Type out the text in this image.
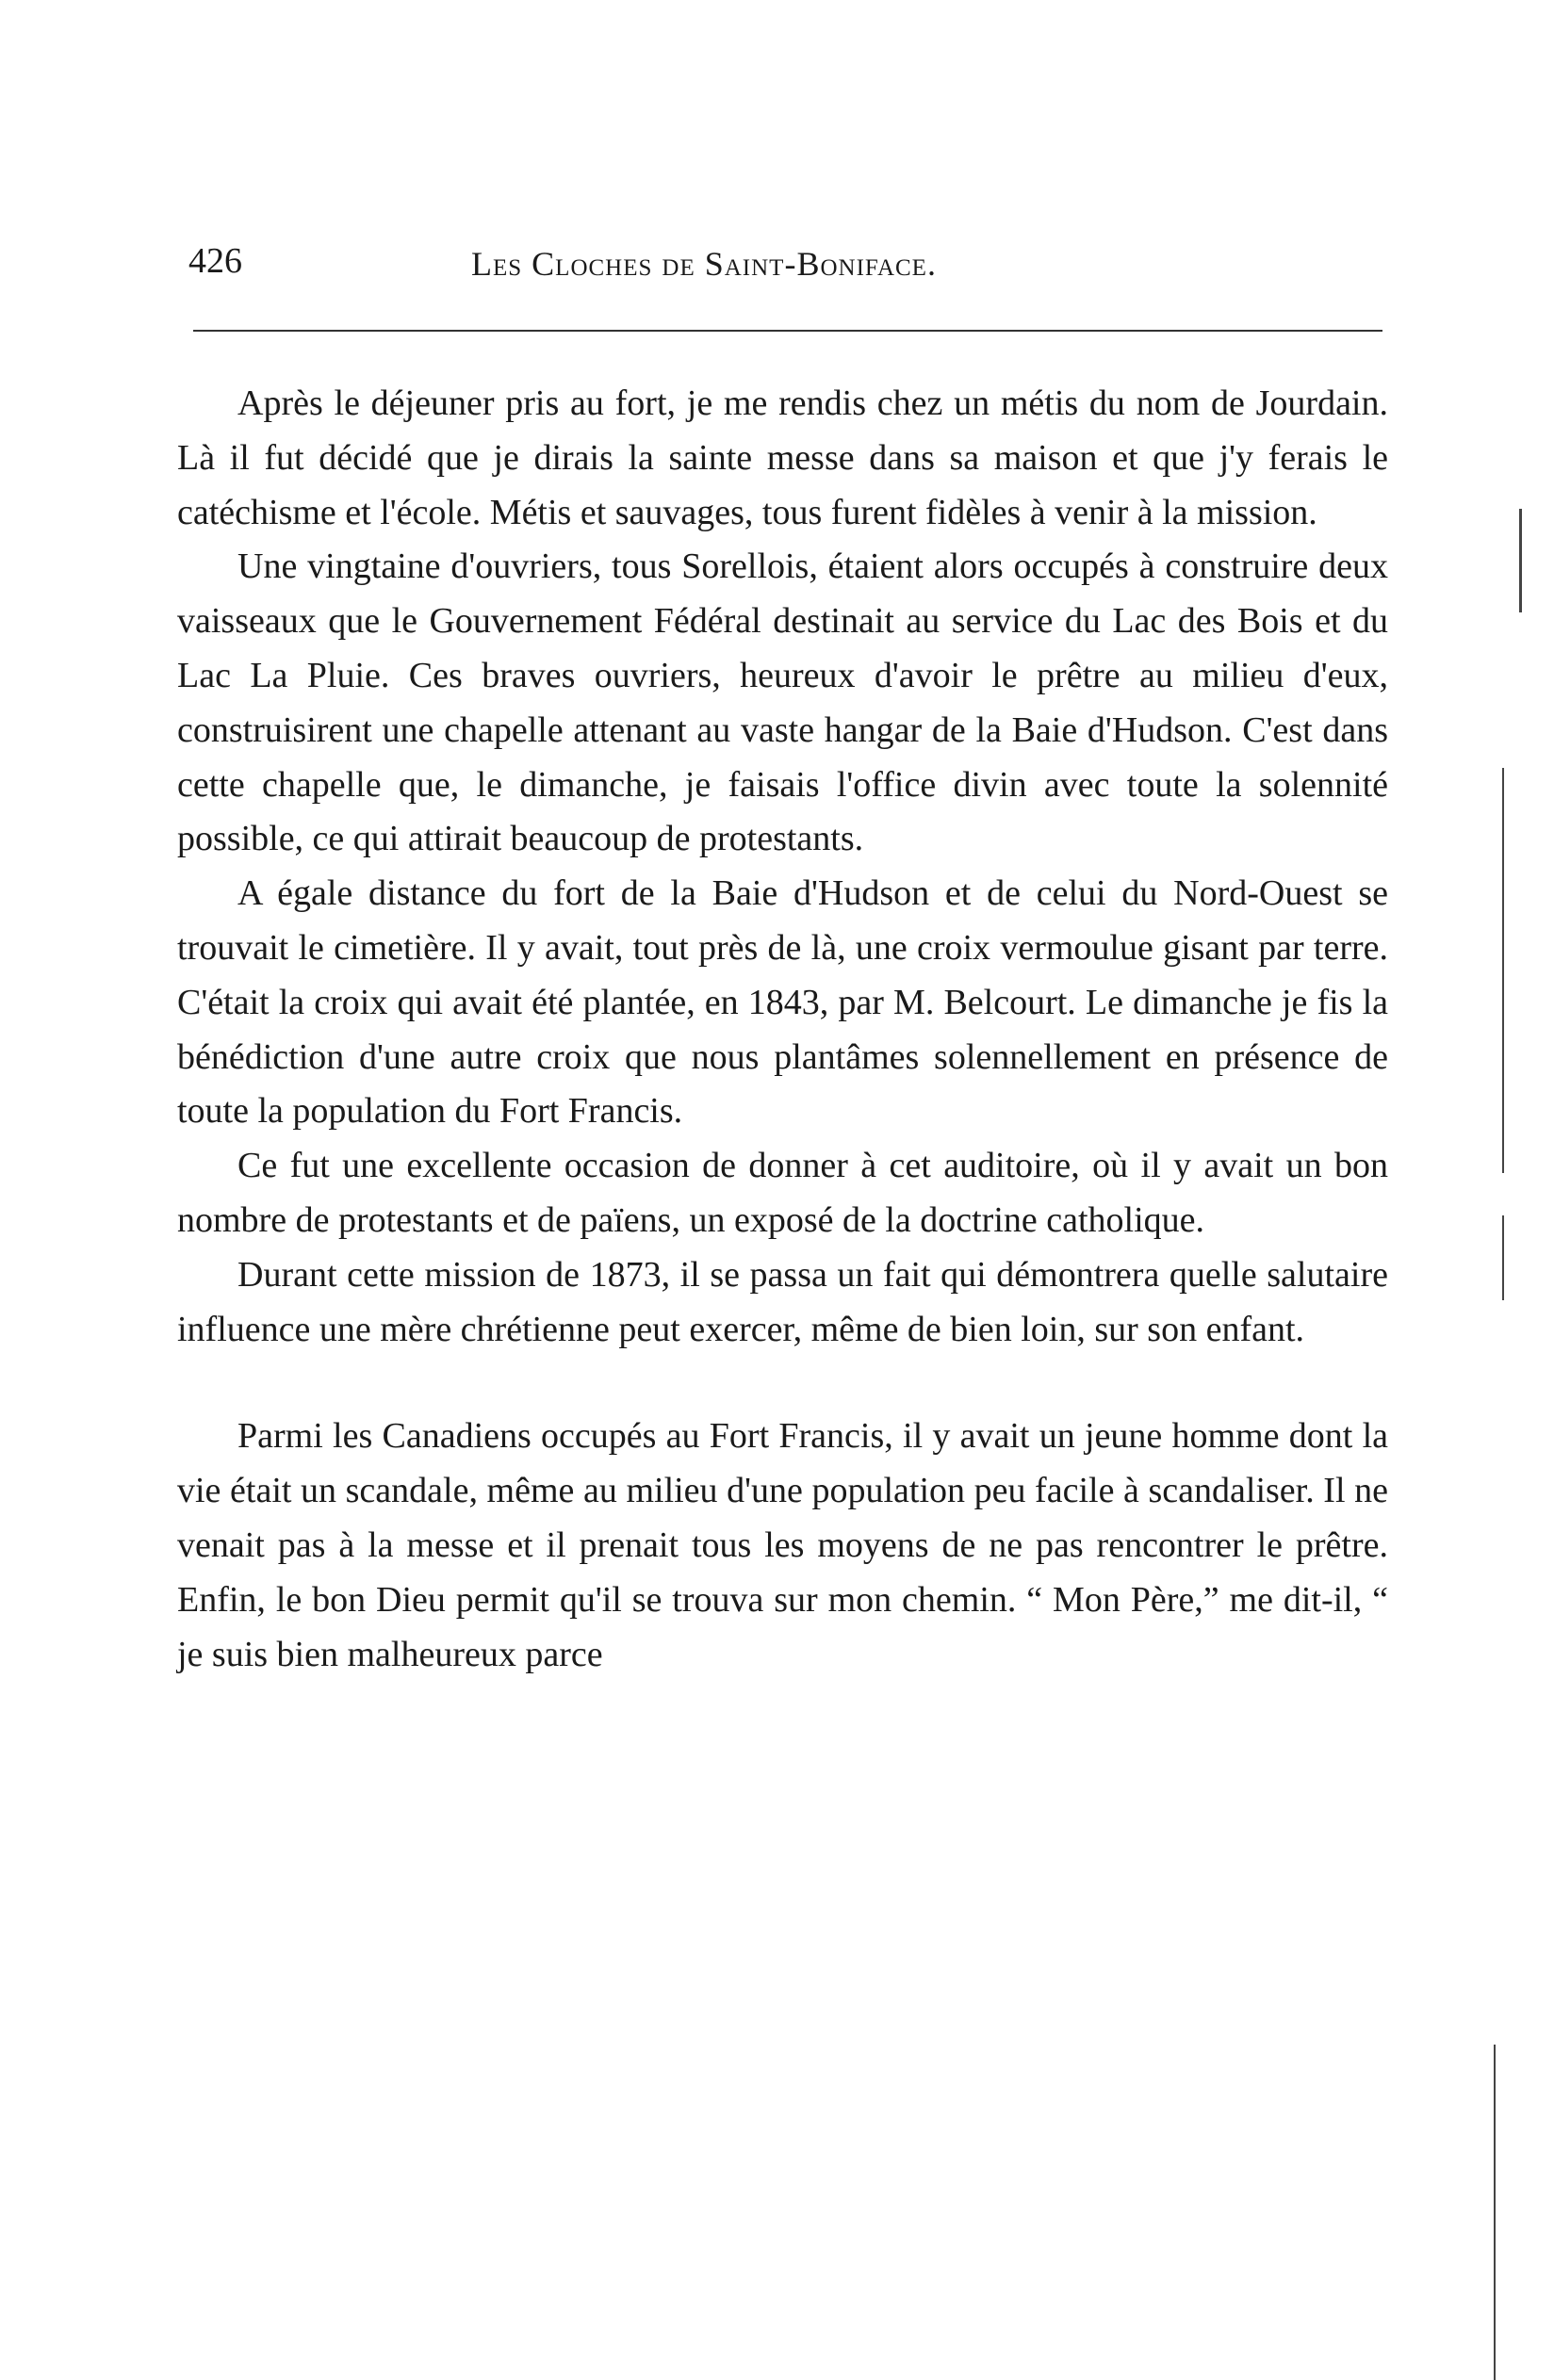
426	Les Cloches de Saint-Boniface.

Après le déjeuner pris au fort, je me rendis chez un métis du nom de Jourdain. Là il fut décidé que je dirais la sainte messe dans sa maison et que j'y ferais le catéchisme et l'école. Métis et sauvages, tous furent fidèles à venir à la mission.

Une vingtaine d'ouvriers, tous Sorellois, étaient alors occupés à construire deux vaisseaux que le Gouvernement Fédéral destinait au service du Lac des Bois et du Lac La Pluie. Ces braves ouvriers, heureux d'avoir le prêtre au milieu d'eux, construisirent une chapelle attenant au vaste hangar de la Baie d'Hudson. C'est dans cette chapelle que, le dimanche, je faisais l'office divin avec toute la solennité possible, ce qui attirait beaucoup de protestants.

A égale distance du fort de la Baie d'Hudson et de celui du Nord-Ouest se trouvait le cimetière. Il y avait, tout près de là, une croix vermoulue gisant par terre. C'était la croix qui avait été plantée, en 1843, par M. Belcourt. Le dimanche je fis la bénédiction d'une autre croix que nous plantâmes solennellement en présence de toute la population du Fort Francis.

Ce fut une excellente occasion de donner à cet auditoire, où il y avait un bon nombre de protestants et de païens, un exposé de la doctrine catholique.

Durant cette mission de 1873, il se passa un fait qui démontrera quelle salutaire influence une mère chrétienne peut exercer, même de bien loin, sur son enfant.

Parmi les Canadiens occupés au Fort Francis, il y avait un jeune homme dont la vie était un scandale, même au milieu d'une population peu facile à scandaliser. Il ne venait pas à la messe et il prenait tous les moyens de ne pas rencontrer le prêtre. Enfin, le bon Dieu permit qu'il se trouva sur mon chemin. “ Mon Père,” me dit-il, “ je suis bien malheureux parce
